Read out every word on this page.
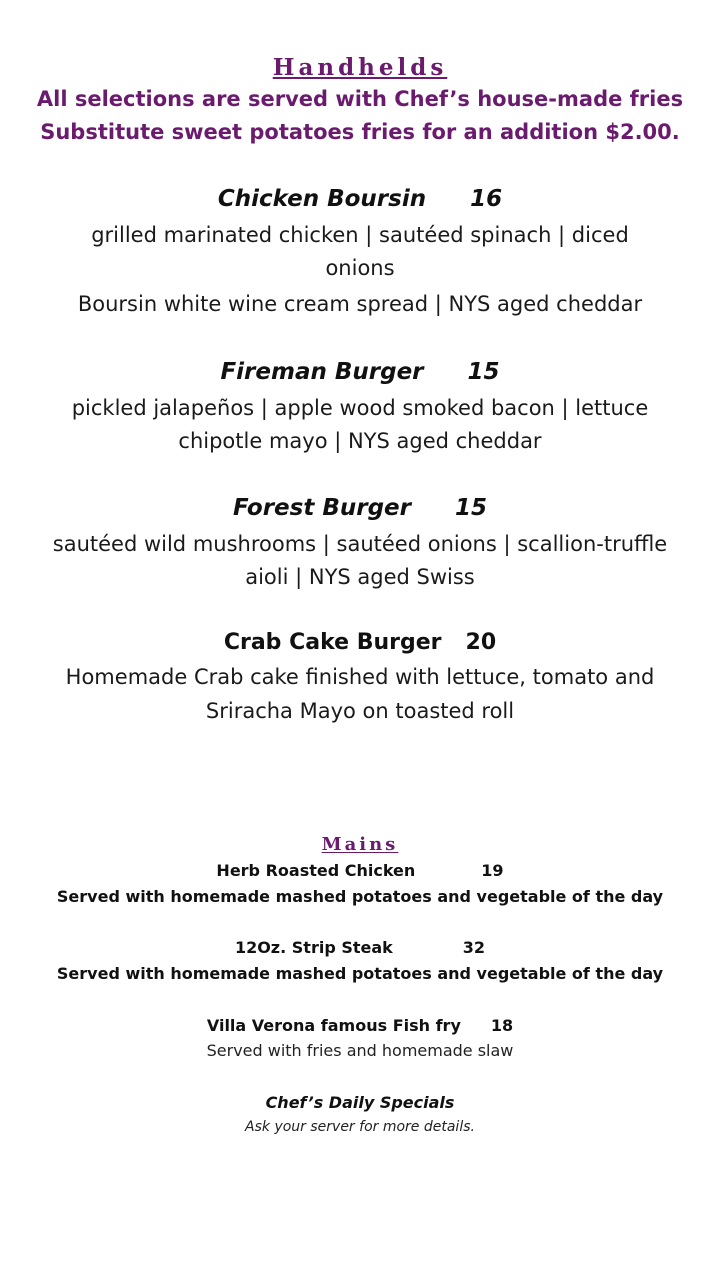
Handhelds
All selections are served with Chef’s house-made fries
Substitute sweet potatoes fries for an addition $2.00.
Chicken Boursin 16
grilled marinated chicken | sautéed spinach | diced
onions
Boursin white wine cream spread | NYS aged cheddar
Fireman Burger 15
pickled jalapeños | apple wood smoked bacon | lettuce
chipotle mayo | NYS aged cheddar
Forest Burger 15
sautéed wild mushrooms | sautéed onions | scallion-truffle
aioli | NYS aged Swiss
Crab Cake Burger 20
Homemade Crab cake finished with lettuce, tomato and
Sriracha Mayo on toasted roll
Mains
Herb Roasted Chicken	19
Served with homemade mashed potatoes and vegetable of the day
12Oz. Strip Steak	32
Served with homemade mashed potatoes and vegetable of the day
Villa Verona famous Fish fry 18
Served with fries and homemade slaw
Chef’s Daily Specials
Ask your server for more details.
